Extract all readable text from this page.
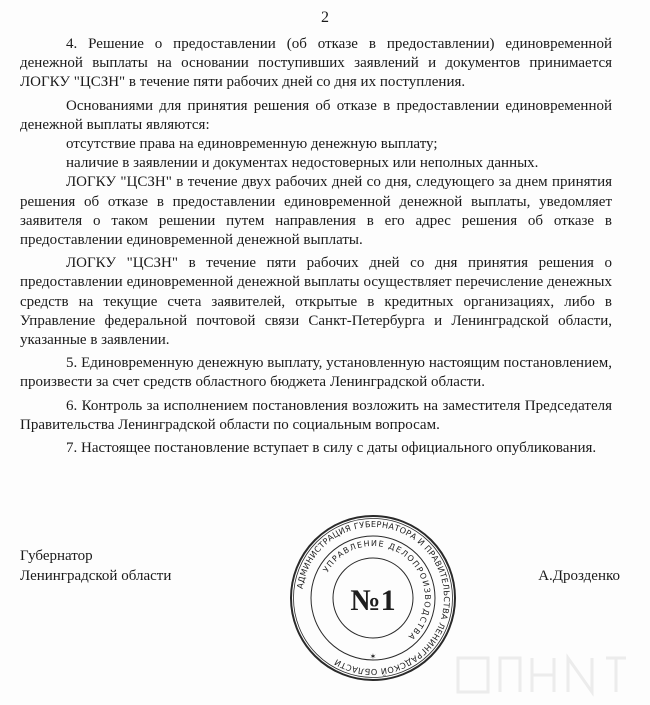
2

4. Решение о предоставлении (об отказе в предоставлении) единовременной денежной выплаты на основании поступивших заявлений и документов принимается ЛОГКУ "ЦСЗН" в течение пяти рабочих дней со дня их поступления.

Основаниями для принятия решения об отказе в предоставлении единовременной денежной выплаты являются:

отсутствие права на единовременную денежную выплату;

наличие в заявлении и документах недостоверных или неполных данных.

ЛОГКУ "ЦСЗН" в течение двух рабочих дней со дня, следующего за днем принятия решения об отказе в предоставлении единовременной денежной выплаты, уведомляет заявителя о таком решении путем направления в его адрес решения об отказе в предоставлении единовременной денежной выплаты.

ЛОГКУ "ЦСЗН" в течение пяти рабочих дней со дня принятия решения о предоставлении единовременной денежной выплаты осуществляет перечисление денежных средств на текущие счета заявителей, открытые в кредитных организациях, либо в Управление федеральной почтовой связи Санкт-Петербурга и Ленинградской области, указанные в заявлении.

5. Единовременную денежную выплату, установленную настоящим постановлением, произвести за счет средств областного бюджета Ленинградской области.

6. Контроль за исполнением постановления возложить на заместителя Председателя Правительства Ленинградской области по социальным вопросам.

7. Настоящее постановление вступает в силу с даты официального опубликования.

Губернатор
Ленинградской области	А.Дрозденко
АДМИНИСТРАЦИЯ ГУБЕРНАТОРА И ПРАВИТЕЛЬСТВА ЛЕНИНГРАДСКОЙ ОБЛАСТИ
УПРАВЛЕНИЕ ДЕЛОПРОИЗВОДСТВА
№1
✶
